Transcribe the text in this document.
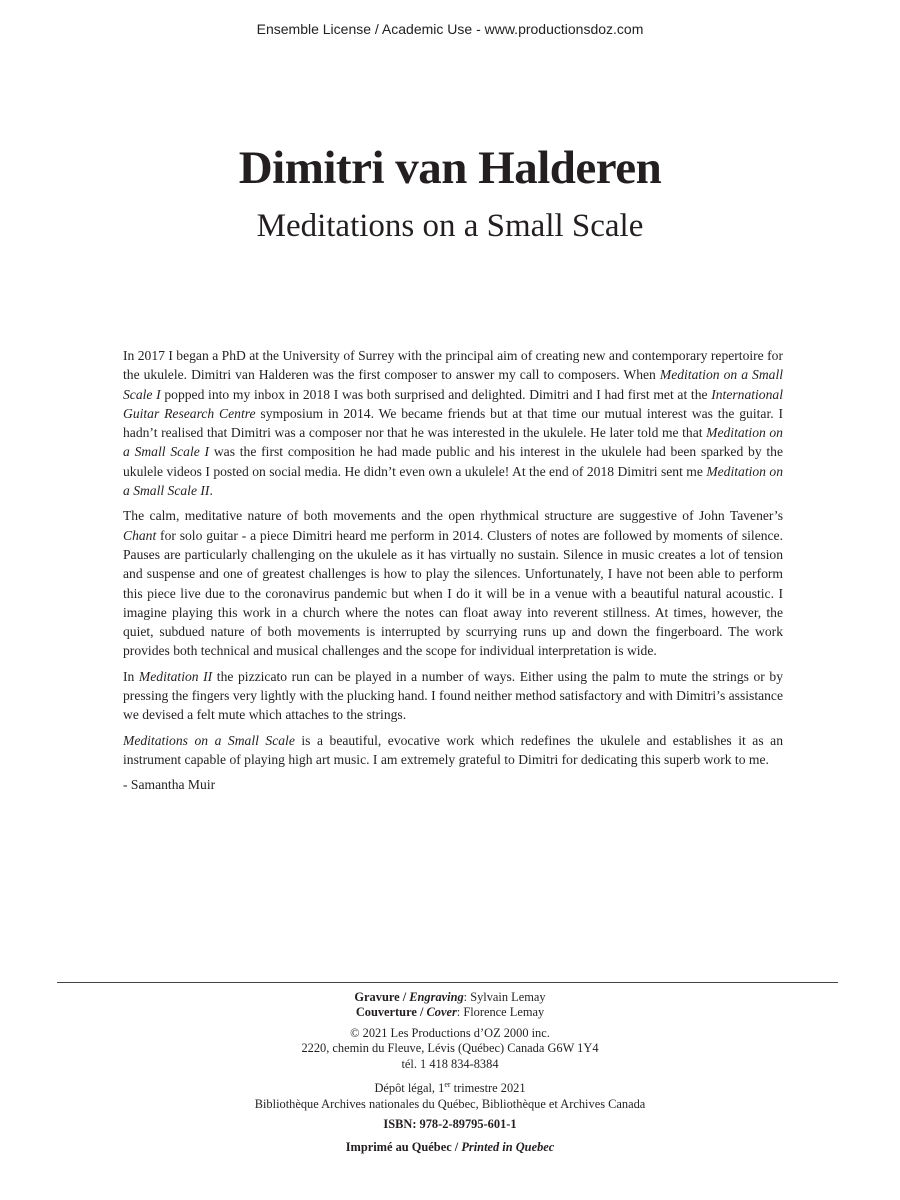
Ensemble License / Academic Use - www.productionsdoz.com
Dimitri van Halderen
Meditations on a Small Scale

In 2017 I began a PhD at the University of Surrey with the principal aim of creating new and contemporary repertoire for the ukulele. Dimitri van Halderen was the first composer to answer my call to composers. When Meditation on a Small Scale I popped into my inbox in 2018 I was both surprised and delighted. Dimitri and I had first met at the International Guitar Research Centre symposium in 2014. We became friends but at that time our mutual interest was the guitar. I hadn’t realised that Dimitri was a composer nor that he was interested in the ukulele. He later told me that Meditation on a Small Scale I was the first composition he had made public and his interest in the ukulele had been sparked by the ukulele videos I posted on social media. He didn’t even own a ukulele! At the end of 2018 Dimitri sent me Meditation on a Small Scale II.

The calm, meditative nature of both movements and the open rhythmical structure are suggestive of John Tavener’s Chant for solo guitar - a piece Dimitri heard me perform in 2014. Clusters of notes are followed by moments of silence. Pauses are particularly challenging on the ukulele as it has virtually no sustain. Silence in music creates a lot of tension and suspense and one of greatest challenges is how to play the silences. Unfortunately, I have not been able to perform this piece live due to the coronavirus pandemic but when I do it will be in a venue with a beautiful natural acoustic. I imagine playing this work in a church where the notes can float away into reverent stillness. At times, however, the quiet, subdued nature of both movements is interrupted by scurrying runs up and down the fingerboard. The work provides both technical and musical challenges and the scope for individual interpretation is wide.

In Meditation II the pizzicato run can be played in a number of ways. Either using the palm to mute the strings or by pressing the fingers very lightly with the plucking hand. I found neither method satisfactory and with Dimitri’s assistance we devised a felt mute which attaches to the strings.

Meditations on a Small Scale is a beautiful, evocative work which redefines the ukulele and establishes it as an instrument capable of playing high art music. I am extremely grateful to Dimitri for dedicating this superb work to me.

- Samantha Muir

Gravure / Engraving: Sylvain Lemay
Couverture / Cover: Florence Lemay
© 2021 Les Productions d’OZ 2000 inc.
2220, chemin du Fleuve, Lévis (Québec) Canada G6W 1Y4
tél. 1 418 834-8384
Dépôt légal, 1er trimestre 2021
Bibliothèque Archives nationales du Québec, Bibliothèque et Archives Canada
ISBN: 978-2-89795-601-1
Imprimé au Québec / Printed in Quebec
